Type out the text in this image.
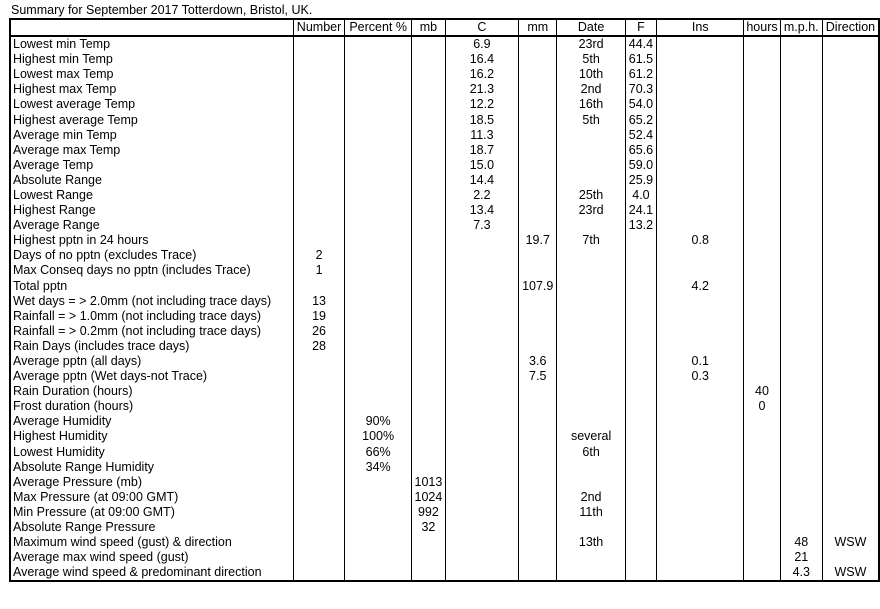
Summary for September 2017 Totterdown, Bristol, UK.
	Number	Percent %	mb	C	mm	Date	F	Ins	hours	m.p.h.	Direction
Lowest min Temp				6.9		23rd	44.4				
Highest min Temp				16.4		5th	61.5				
Lowest max Temp				16.2		10th	61.2				
Highest max Temp				21.3		2nd	70.3				
Lowest average Temp				12.2		16th	54.0				
Highest average Temp				18.5		5th	65.2				
Average min Temp				11.3			52.4				
Average max Temp				18.7			65.6				
Average Temp				15.0			59.0				
Absolute Range				14.4			25.9				
Lowest Range				2.2		25th	4.0				
Highest Range				13.4		23rd	24.1				
Average Range				7.3			13.2				
Highest pptn in 24 hours					19.7	7th		0.8			
Days of no pptn (excludes Trace)	2										
Max Conseq days no pptn (includes Trace)	1										
Total pptn					107.9			4.2			
Wet days = > 2.0mm (not including trace days)	13										
Rainfall = > 1.0mm (not including trace days)	19										
Rainfall = > 0.2mm (not including trace days)	26										
Rain Days (includes trace days)	28										
Average pptn (all days)					3.6			0.1			
Average pptn (Wet days-not Trace)					7.5			0.3			
Rain Duration (hours)									40		
Frost duration (hours)									0		
Average Humidity		90%									
Highest Humidity		100%				several					
Lowest Humidity		66%				6th					
Absolute Range Humidity		34%									
Average Pressure (mb)			1013								
Max Pressure (at 09:00 GMT)			1024			2nd					
Min Pressure (at 09:00 GMT)			992			11th					
Absolute Range Pressure			32								
Maximum wind speed (gust) & direction						13th				48	WSW
Average max wind speed (gust)										21	
Average wind speed & predominant direction										4.3	WSW
